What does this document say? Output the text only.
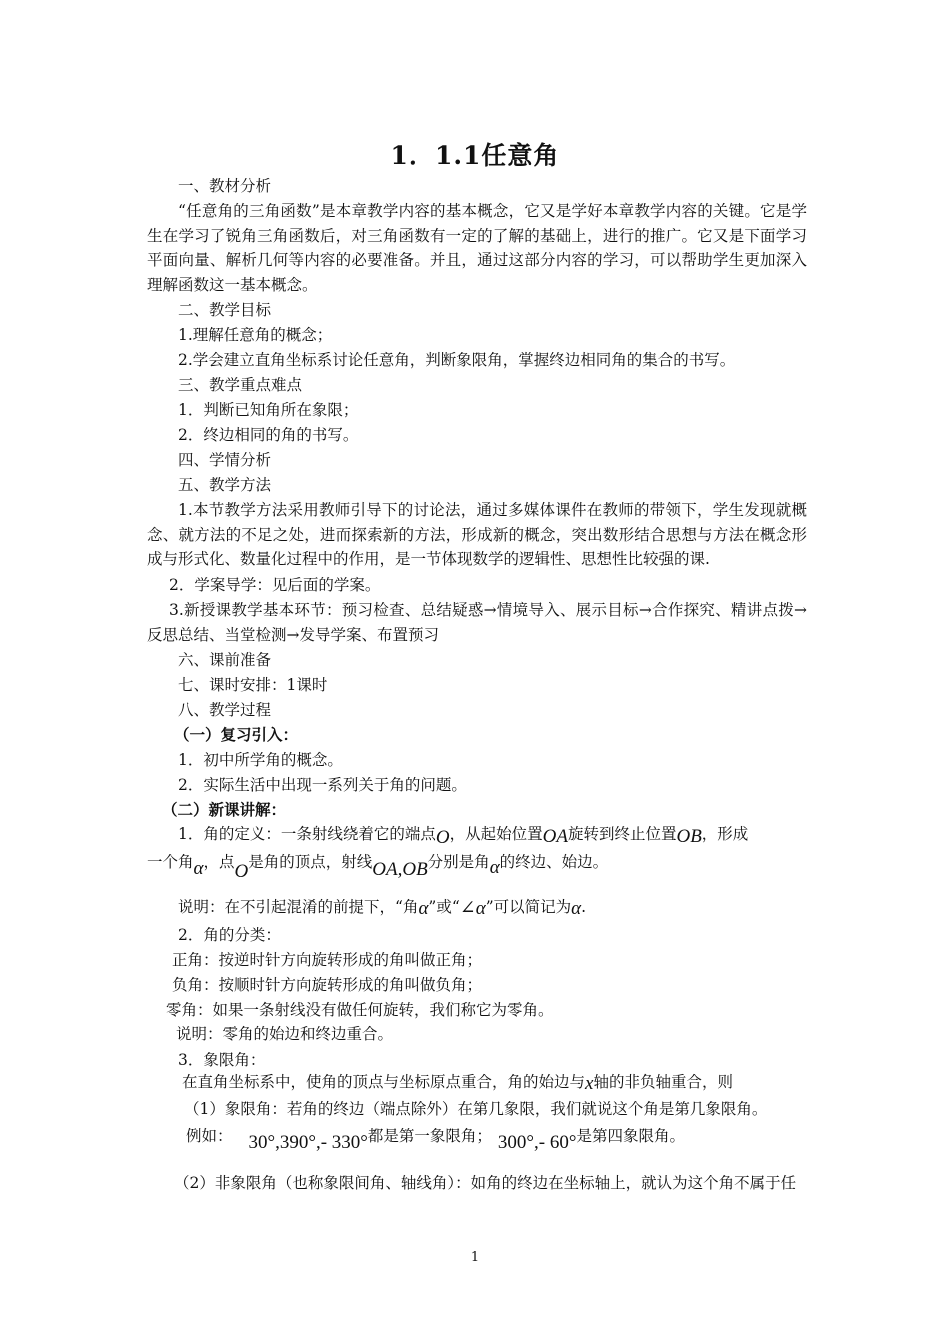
1．1.1任意角
一、教材分析
“任意角的三角函数”是本章教学内容的基本概念，它又是学好本章教学内容的关键。它是学生在学习了锐角三角函数后，对三角函数有一定的了解的基础上，进行的推广。它又是下面学习平面向量、解析几何等内容的必要准备。并且，通过这部分内容的学习，可以帮助学生更加深入理解函数这一基本概念。
二、教学目标
1.理解任意角的概念；
2.学会建立直角坐标系讨论任意角，判断象限角，掌握终边相同角的集合的书写。
三、教学重点难点
1．判断已知角所在象限；
2．终边相同的角的书写。
四、学情分析
五、教学方法
1.本节教学方法采用教师引导下的讨论法，通过多媒体课件在教师的带领下，学生发现就概念、就方法的不足之处，进而探索新的方法，形成新的概念，突出数形结合思想与方法在概念形成与形式化、数量化过程中的作用，是一节体现数学的逻辑性、思想性比较强的课.
2．学案导学：见后面的学案。
3.新授课教学基本环节：预习检查、总结疑惑→情境导入、展示目标→合作探究、精讲点拨→反思总结、当堂检测→发导学案、布置预习
六、课前准备
七、课时安排：1课时
八、教学过程
（一）复习引入：
1．初中所学角的概念。
2．实际生活中出现一系列关于角的问题。
（二）新课讲解：
1．角的定义：一条射线绕着它的端点O，从起始位置OA旋转到终止位置OB，形成
一个角α，点O是角的顶点，射线OA,OB分别是角α的终边、始边。
说明：在不引起混淆的前提下，“角α”或“∠α”可以简记为α.
2．角的分类：
正角：按逆时针方向旋转形成的角叫做正角；
负角：按顺时针方向旋转形成的角叫做负角；
零角：如果一条射线没有做任何旋转，我们称它为零角。
说明：零角的始边和终边重合。
3．象限角：
在直角坐标系中，使角的顶点与坐标原点重合，角的始边与x轴的非负轴重合，则
（1）象限角：若角的终边（端点除外）在第几象限，我们就说这个角是第几象限角。
例如： 30°,390°,- 330°都是第一象限角； 300°,- 60°是第四象限角。
（2）非象限角（也称象限间角、轴线角）：如角的终边在坐标轴上，就认为这个角不属于任
1
